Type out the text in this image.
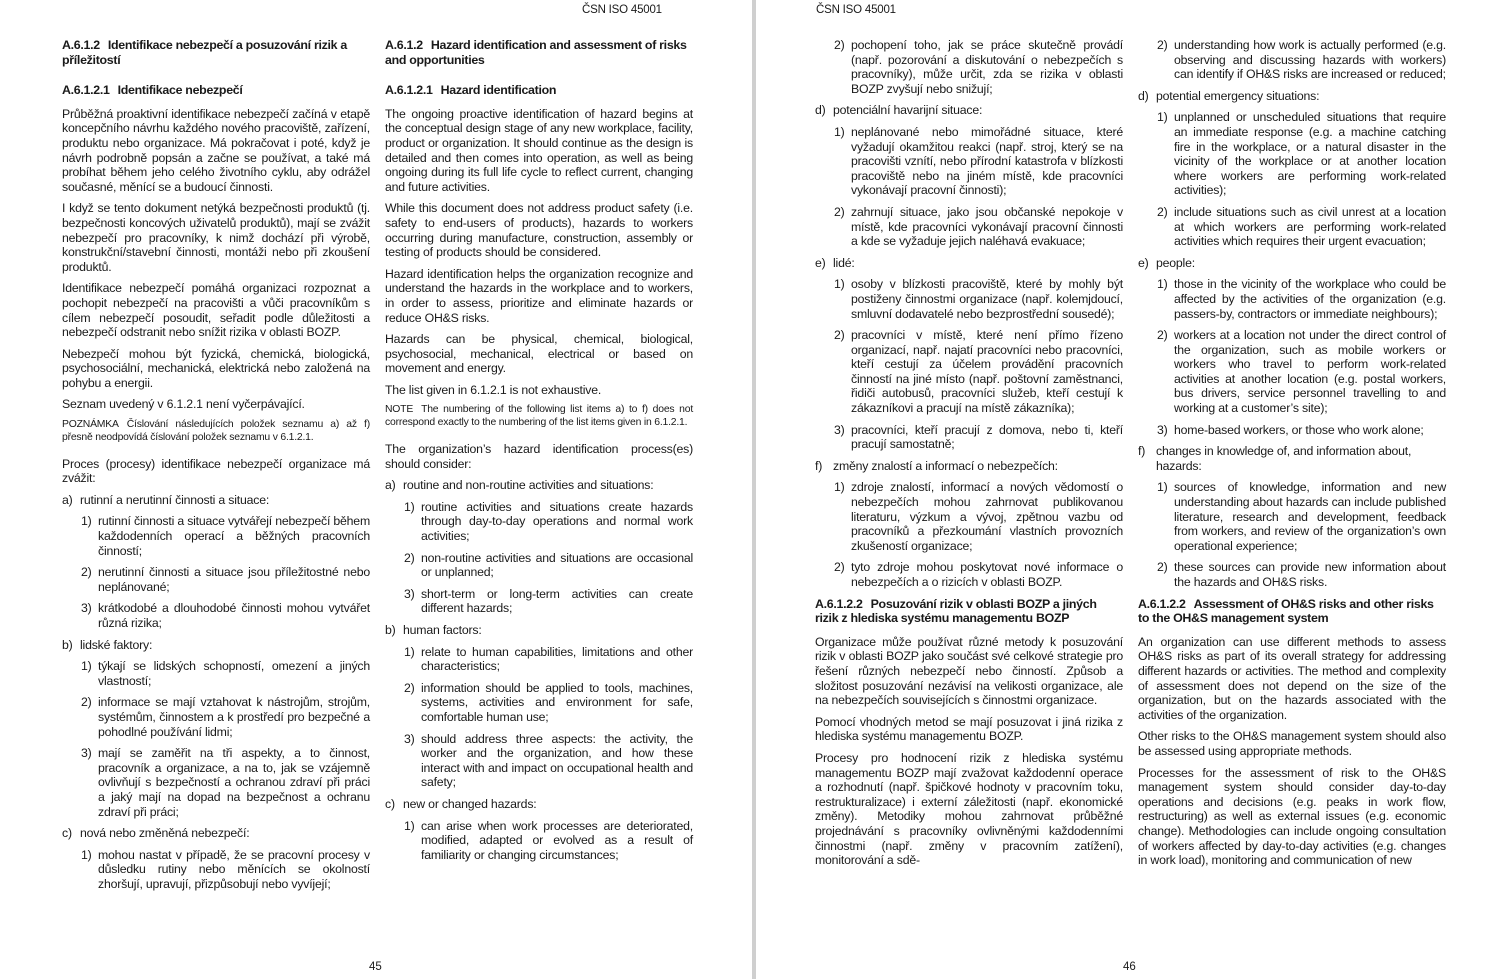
ČSN ISO 45001
A.6.1.2 Identifikace nebezpečí a posuzování rizik a příležitostí
A.6.1.2.1 Identifikace nebezpečí

Průběžná proaktivní identifikace nebezpečí začíná v etapě koncepčního návrhu každého nového pracoviště, zařízení, produktu nebo organizace. Má pokračovat i poté, když je návrh podrobně popsán a začne se používat, a také má probíhat během jeho celého životního cyklu, aby odrážel současné, měnící se a budoucí činnosti.

I když se tento dokument netýká bezpečnosti produktů (tj. bezpečnosti koncových uživatelů produktů), mají se zvážit nebezpečí pro pracovníky, k nimž dochází při výrobě, konstrukční/stavební činnosti, montáži nebo při zkoušení produktů.

Identifikace nebezpečí pomáhá organizaci rozpoznat a pochopit nebezpečí na pracovišti a vůči pracovníkům s cílem nebezpečí posoudit, seřadit podle důležitosti a nebezpečí odstranit nebo snížit rizika v oblasti BOZP.

Nebezpečí mohou být fyzická, chemická, biologická, psychosociální, mechanická, elektrická nebo založená na pohybu a energii.

Seznam uvedený v 6.1.2.1 není vyčerpávající.

POZNÁMKA Číslování následujících položek seznamu a) až f) přesně neodpovídá číslování položek seznamu v 6.1.2.1.

Proces (procesy) identifikace nebezpečí organizace má zvážit:

a) rutinní a nerutinní činnosti a situace:
1) rutinní činnosti a situace vytvářejí nebezpečí během každodenních operací a běžných pracovních činností;
2) nerutinní činnosti a situace jsou příležitostné nebo neplánované;
3) krátkodobé a dlouhodobé činnosti mohou vytvářet různá rizika;
b) lidské faktory:
1) týkají se lidských schopností, omezení a jiných vlastností;
2) informace se mají vztahovat k nástrojům, strojům, systémům, činnostem a k prostředí pro bezpečné a pohodlné používání lidmi;
3) mají se zaměřit na tři aspekty, a to činnost, pracovník a organizace, a na to, jak se vzájemně ovlivňují s bezpečností a ochranou zdraví při práci a jaký mají na dopad na bezpečnost a ochranu zdraví při práci;
c) nová nebo změněná nebezpečí:
1) mohou nastat v případě, že se pracovní procesy v důsledku rutiny nebo měnících se okolností zhoršují, upravují, přizpůsobují nebo vyvíjejí;
A.6.1.2 Hazard identification and assessment of risks and opportunities
A.6.1.2.1 Hazard identification

The ongoing proactive identification of hazard begins at the conceptual design stage of any new workplace, facility, product or organization. It should continue as the design is detailed and then comes into operation, as well as being ongoing during its full life cycle to reflect current, changing and future activities.

While this document does not address product safety (i.e. safety to end-users of products), hazards to workers occurring during manufacture, construction, assembly or testing of products should be considered.

Hazard identification helps the organization recognize and understand the hazards in the workplace and to workers, in order to assess, prioritize and eliminate hazards or reduce OH&S risks.

Hazards can be physical, chemical, biological, psychosocial, mechanical, electrical or based on movement and energy.

The list given in 6.1.2.1 is not exhaustive.

NOTE The numbering of the following list items a) to f) does not correspond exactly to the numbering of the list items given in 6.1.2.1.

The organization’s hazard identification process(es) should consider:

a) routine and non-routine activities and situations:
1) routine activities and situations create hazards through day-to-day operations and normal work activities;
2) non-routine activities and situations are occasional or unplanned;
3) short-term or long-term activities can create different hazards;
b) human factors:
1) relate to human capabilities, limitations and other characteristics;
2) information should be applied to tools, machines, systems, activities and environment for safe, comfortable human use;
3) should address three aspects: the activity, the worker and the organization, and how these interact with and impact on occupational health and safety;
c) new or changed hazards:
1) can arise when work processes are deteriorated, modified, adapted or evolved as a result of familiarity or changing circumstances;
45
ČSN ISO 45001
2) pochopení toho, jak se práce skutečně provádí (např. pozorování a diskutování o nebezpečích s pracovníky), může určit, zda se rizika v oblasti BOZP zvyšují nebo snižují;
d) potenciální havarijní situace:
1) neplánované nebo mimořádné situace, které vyžadují okamžitou reakci (např. stroj, který se na pracovišti vznítí, nebo přírodní katastrofa v blízkosti pracoviště nebo na jiném místě, kde pracovníci vykonávají pracovní činnosti);
2) zahrnují situace, jako jsou občanské nepokoje v místě, kde pracovníci vykonávají pracovní činnosti a kde se vyžaduje jejich naléhavá evakuace;
e) lidé:
1) osoby v blízkosti pracoviště, které by mohly být postiženy činnostmi organizace (např. kolemjdoucí, smluvní dodavatelé nebo bezprostřední sousedé);
2) pracovníci v místě, které není přímo řízeno organizací, např. najatí pracovníci nebo pracovníci, kteří cestují za účelem provádění pracovních činností na jiné místo (např. poštovní zaměstnanci, řidiči autobusů, pracovníci služeb, kteří cestují k zákazníkovi a pracují na místě zákazníka);
3) pracovníci, kteří pracují z domova, nebo ti, kteří pracují samostatně;
f) změny znalostí a informací o nebezpečích:
1) zdroje znalostí, informací a nových vědomostí o nebezpečích mohou zahrnovat publikovanou literaturu, výzkum a vývoj, zpětnou vazbu od pracovníků a přezkoumání vlastních provozních zkušeností organizace;
2) tyto zdroje mohou poskytovat nové informace o nebezpečích a o rizicích v oblasti BOZP.
A.6.1.2.2 Posuzování rizik v oblasti BOZP a jiných rizik z hlediska systému managementu BOZP

Organizace může používat různé metody k posuzování rizik v oblasti BOZP jako součást své celkové strategie pro řešení různých nebezpečí nebo činností. Způsob a složitost posuzování nezávisí na velikosti organizace, ale na nebezpečích souvisejících s činnostmi organizace.

Pomocí vhodných metod se mají posuzovat i jiná rizika z hlediska systému managementu BOZP.

Procesy pro hodnocení rizik z hlediska systému managementu BOZP mají zvažovat každodenní operace a rozhodnutí (např. špičkové hodnoty v pracovním toku, restrukturalizace) i externí záležitosti (např. ekonomické změny). Metodiky mohou zahrnovat průběžné projednávání s pracovníky ovlivněnými každodenními činnostmi (např. změny v pracovním zatížení), monitorování a sdě-

2) understanding how work is actually performed (e.g. observing and discussing hazards with workers) can identify if OH&S risks are increased or reduced;
d) potential emergency situations:
1) unplanned or unscheduled situations that require an immediate response (e.g. a machine catching fire in the workplace, or a natural disaster in the vicinity of the workplace or at another location where workers are performing work-related activities);
2) include situations such as civil unrest at a location at which workers are performing work-related activities which requires their urgent evacuation;
e) people:
1) those in the vicinity of the workplace who could be affected by the activities of the organization (e.g. passers-by, contractors or immediate neighbours);
2) workers at a location not under the direct control of the organization, such as mobile workers or workers who travel to perform work-related activities at another location (e.g. postal workers, bus drivers, service personnel travelling to and working at a customer’s site);
3) home-based workers, or those who work alone;
f) changes in knowledge of, and information about, hazards:
1) sources of knowledge, information and new understanding about hazards can include published literature, research and development, feedback from workers, and review of the organization’s own operational experience;
2) these sources can provide new information about the hazards and OH&S risks.
A.6.1.2.2 Assessment of OH&S risks and other risks to the OH&S management system

An organization can use different methods to assess OH&S risks as part of its overall strategy for addressing different hazards or activities. The method and complexity of assessment does not depend on the size of the organization, but on the hazards associated with the activities of the organization.

Other risks to the OH&S management system should also be assessed using appropriate methods.

Processes for the assessment of risk to the OH&S management system should consider day-to-day operations and decisions (e.g. peaks in work flow, restructuring) as well as external issues (e.g. economic change). Methodologies can include ongoing consultation of workers affected by day-to-day activities (e.g. changes in work load), monitoring and communication of new

46
